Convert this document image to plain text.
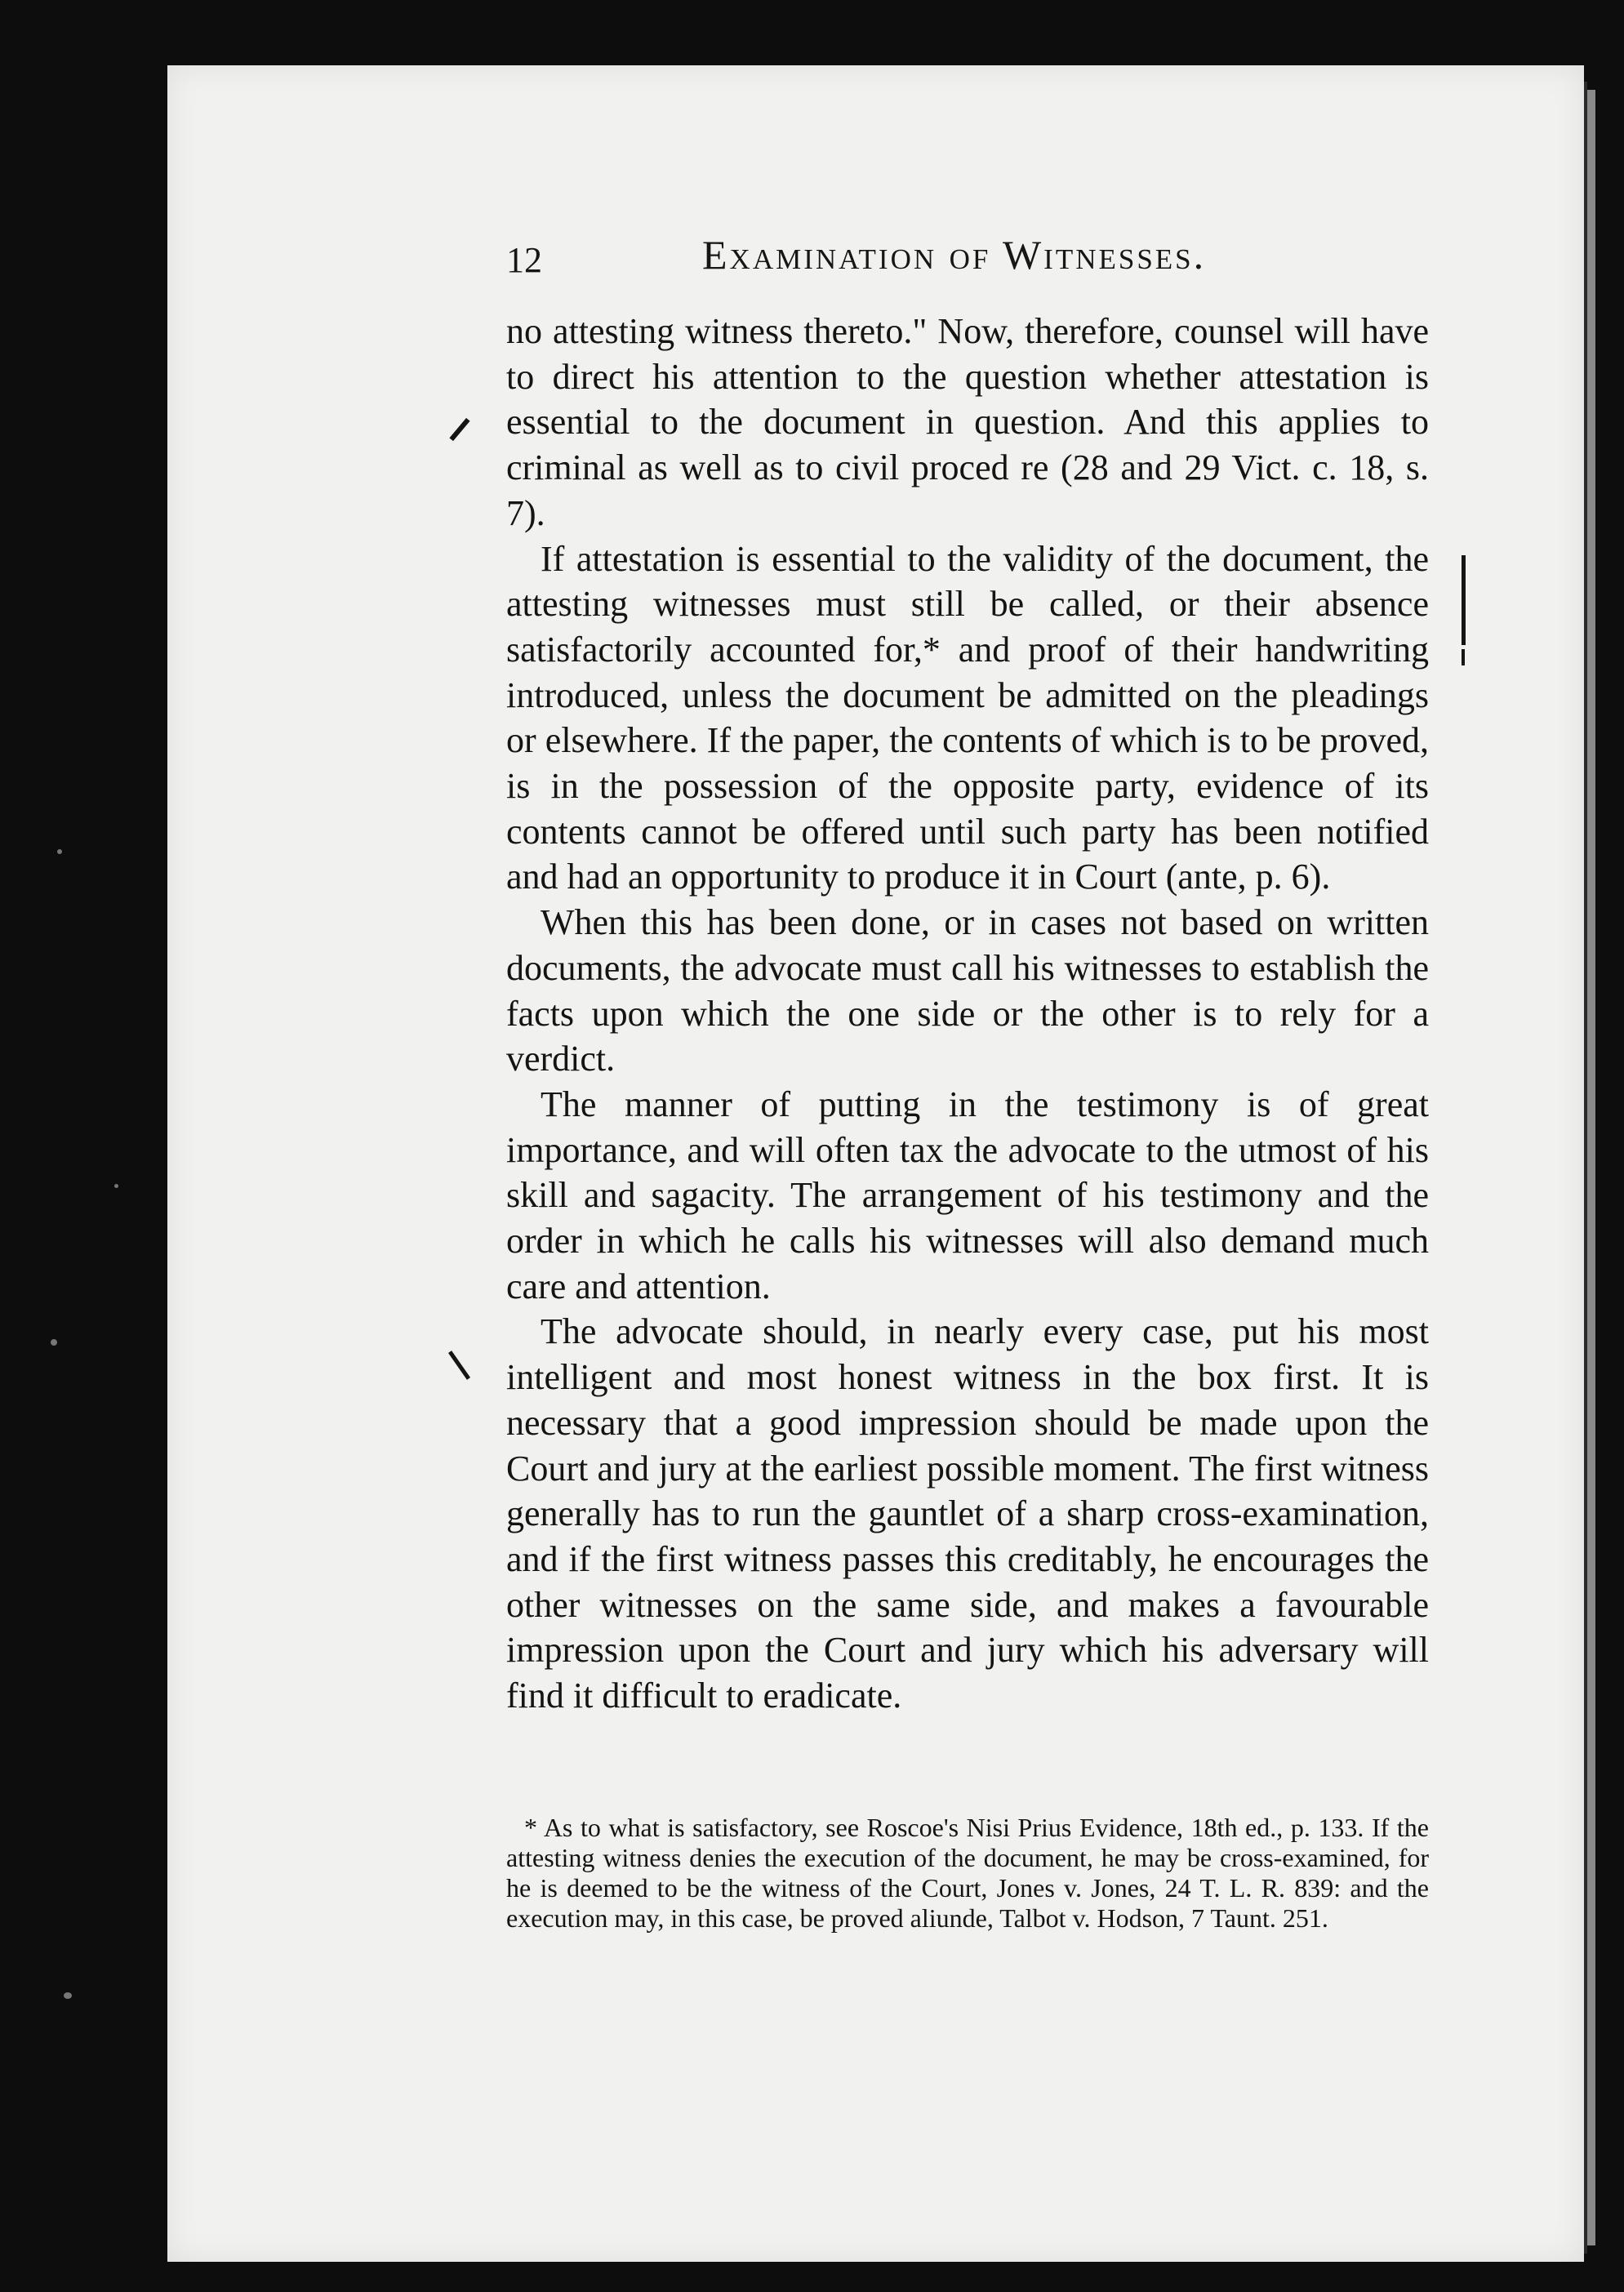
12	Examination of Witnesses.

no attesting witness thereto." Now, therefore, counsel will have to direct his attention to the question whether attestation is essential to the document in question. And this applies to criminal as well as to civil proced re (28 and 29 Vict. c. 18, s. 7).

If attestation is essential to the validity of the document, the attesting witnesses must still be called, or their absence satisfactorily accounted for,* and proof of their handwriting introduced, unless the document be admitted on the pleadings or elsewhere. If the paper, the contents of which is to be proved, is in the possession of the opposite party, evidence of its contents cannot be offered until such party has been notified and had an opportunity to produce it in Court (ante, p. 6).

When this has been done, or in cases not based on written documents, the advocate must call his witnesses to establish the facts upon which the one side or the other is to rely for a verdict.

The manner of putting in the testimony is of great importance, and will often tax the advocate to the utmost of his skill and sagacity. The arrangement of his testimony and the order in which he calls his witnesses will also demand much care and attention.

The advocate should, in nearly every case, put his most intelligent and most honest witness in the box first. It is necessary that a good impression should be made upon the Court and jury at the earliest possible moment. The first witness generally has to run the gauntlet of a sharp cross-examination, and if the first witness passes this creditably, he encourages the other witnesses on the same side, and makes a favourable impression upon the Court and jury which his adversary will find it difficult to eradicate.

* As to what is satisfactory, see Roscoe's Nisi Prius Evidence, 18th ed., p. 133. If the attesting witness denies the execution of the document, he may be cross-examined, for he is deemed to be the witness of the Court, Jones v. Jones, 24 T. L. R. 839: and the execution may, in this case, be proved aliunde, Talbot v. Hodson, 7 Taunt. 251.
